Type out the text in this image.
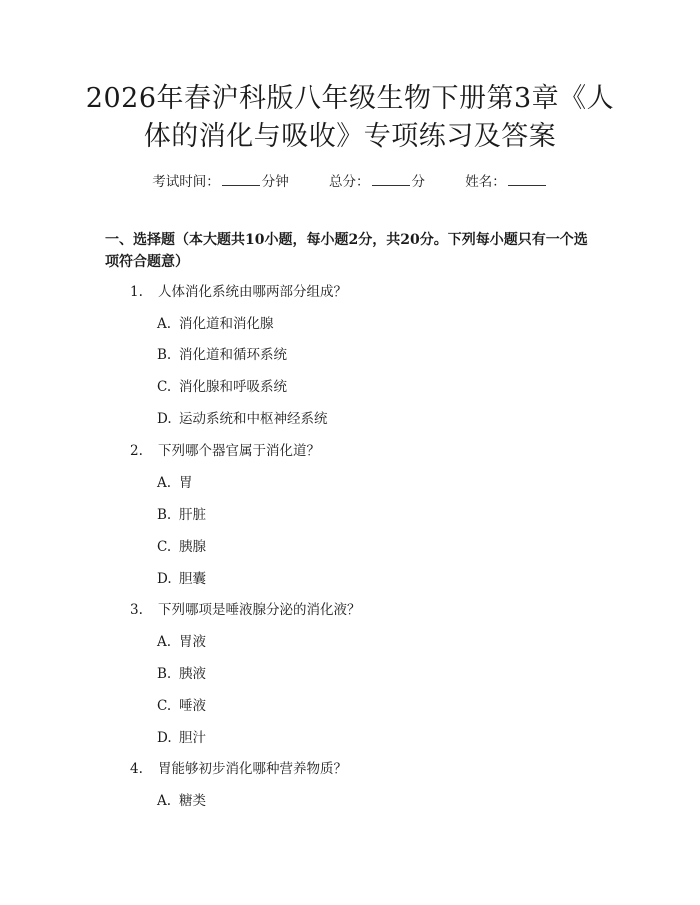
2026年春沪科版八年级生物下册第3章《人
体的消化与吸收》专项练习及答案
考试时间：	分钟	总分：	分	姓名：

一、选择题（本大题共10小题，每小题2分，共20分。下列每小题只有一个选
项符合题意）

1. 人体消化系统由哪两部分组成？
A. 消化道和消化腺
B. 消化道和循环系统
C. 消化腺和呼吸系统
D. 运动系统和中枢神经系统
2. 下列哪个器官属于消化道？
A. 胃
B. 肝脏
C. 胰腺
D. 胆囊
3. 下列哪项是唾液腺分泌的消化液？
A. 胃液
B. 胰液
C. 唾液
D. 胆汁
4. 胃能够初步消化哪种营养物质？
A. 糖类
